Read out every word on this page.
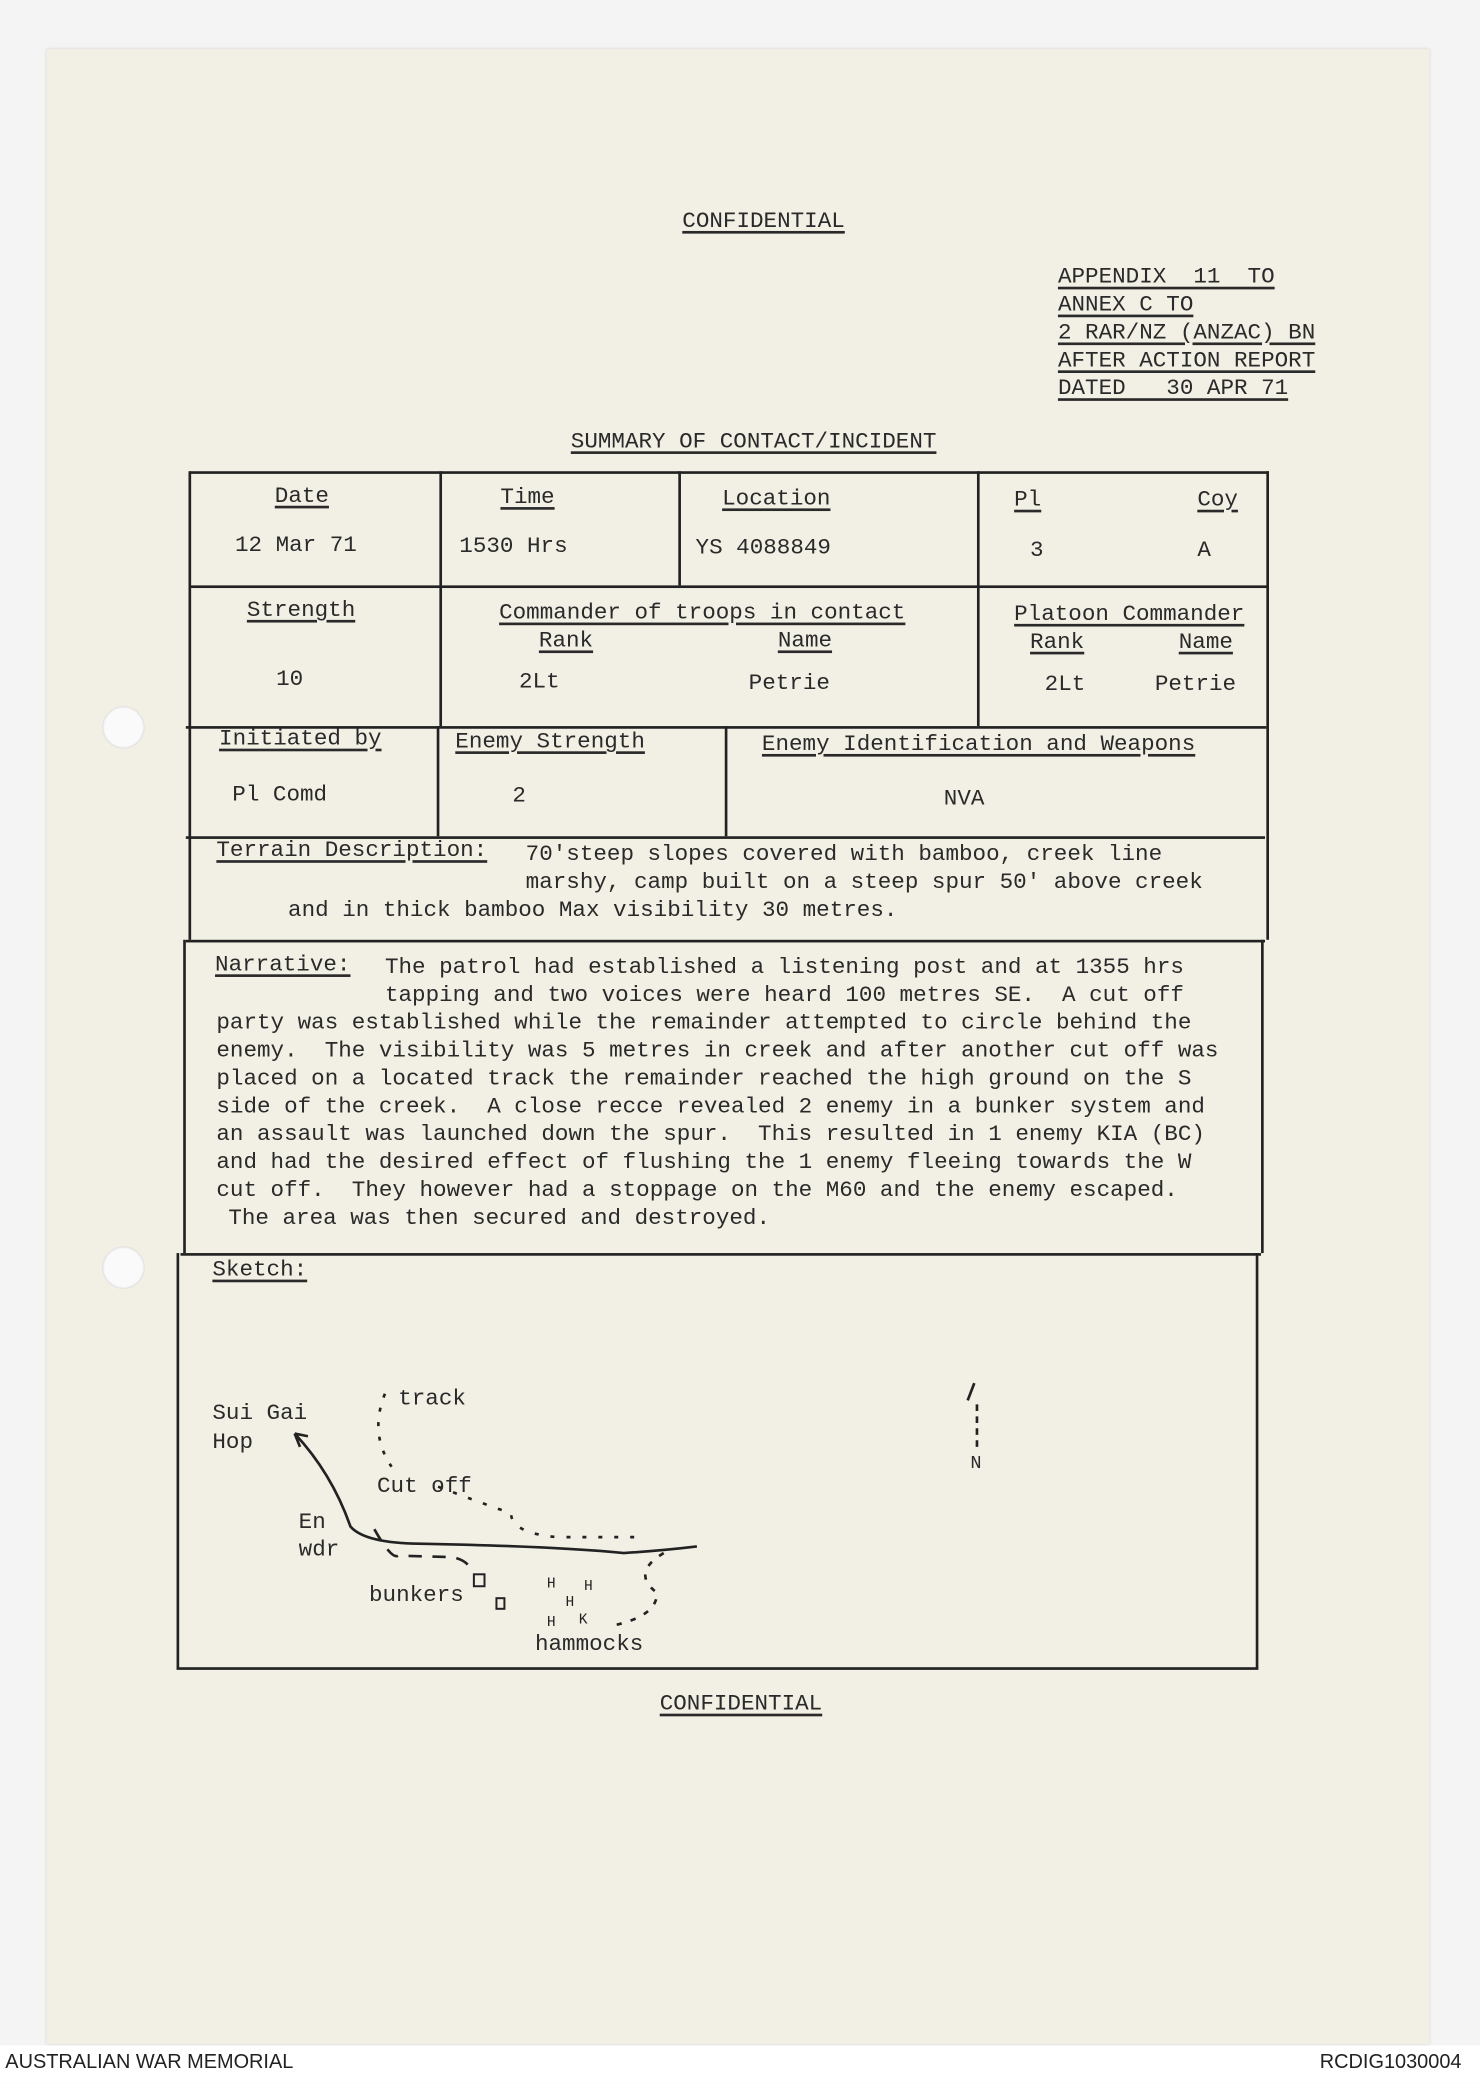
CONFIDENTIAL
APPENDIX  11  TO
ANNEX C TO
2 RAR/NZ (ANZAC) BN
AFTER ACTION REPORT
DATED   30 APR 71
SUMMARY OF CONTACT/INCIDENT
Date
12 Mar 71
Time
1530 Hrs
Location
YS 4088849
Pl
3
Coy
A
Strength
10
Commander of troops in contact
Rank	Name
2Lt	Petrie
Platoon Commander
Rank	Name
2Lt	Petrie
Initiated by
Pl Comd
Enemy Strength
2
Enemy Identification and Weapons
NVA
Terrain Description: 70'steep slopes covered with bamboo, creek line
marshy, camp built on a steep spur 50' above creek
and in thick bamboo Max visibility 30 metres.
Narrative: The patrol had established a listening post and at 1355 hrs
tapping and two voices were heard 100 metres SE.  A cut off
party was established while the remainder attempted to circle behind the
enemy.  The visibility was 5 metres in creek and after another cut off was
placed on a located track the remainder reached the high ground on the S
side of the creek.  A close recce revealed 2 enemy in a bunker system and
an assault was launched down the spur.  This resulted in 1 enemy KIA (BC)
and had the desired effect of flushing the 1 enemy fleeing towards the W
cut off.  They however had a stoppage on the M60 and the enemy escaped.
The area was then secured and destroyed.
Sketch:
H	H
H
H K
Sui Gai
Hop
track
Cut off
En
wdr
bunkers
hammocks
N
CONFIDENTIAL
AUSTRALIAN WAR MEMORIAL	RCDIG1030004
